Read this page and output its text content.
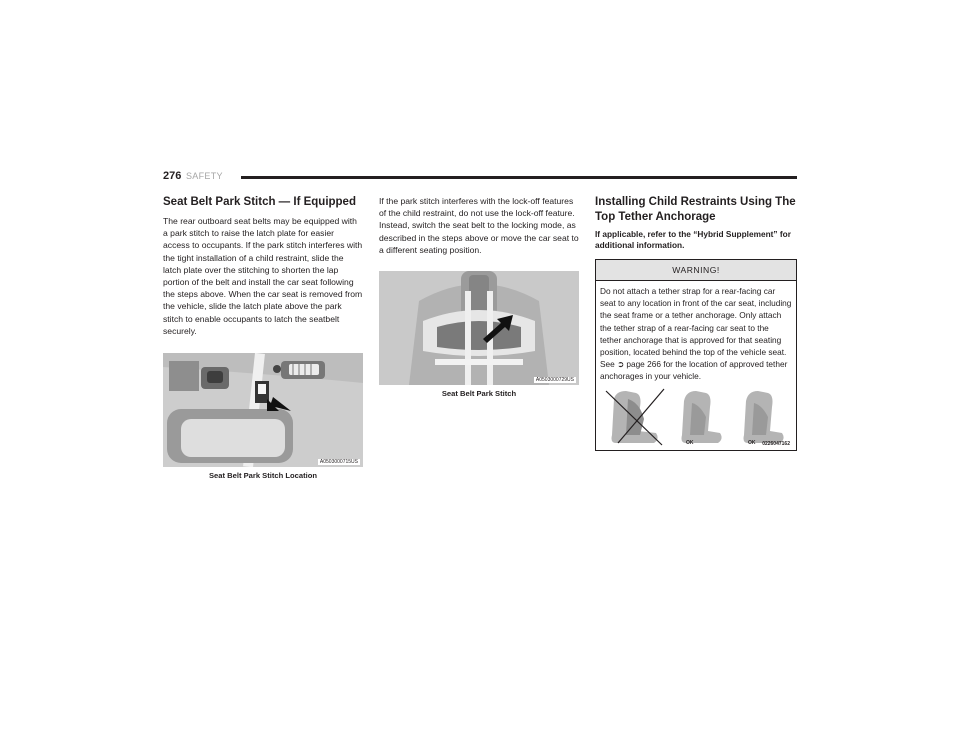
276 SAFETY
Seat Belt Park Stitch — If Equipped

The rear outboard seat belts may be equipped with a park stitch to raise the latch plate for easier access to occupants. If the park stitch interferes with the tight installation of a child restraint, slide the latch plate over the stitching to shorten the lap portion of the belt and install the car seat following the steps above. When the car seat is removed from the vehicle, slide the latch plate above the park stitch to enable occupants to latch the seatbelt securely.

A0503000715US
Seat Belt Park Stitch Location

If the park stitch interferes with the lock-off features of the child restraint, do not use the lock-off feature. Instead, switch the seat belt to the locking mode, as described in the steps above or move the car seat to a different seating position.

A0503000729US
Seat Belt Park Stitch
Installing Child Restraints Using The Top Tether Anchorage

If applicable, refer to the “Hybrid Supplement” for additional information.

WARNING!
Do not attach a tether strap for a rear-facing car seat to any location in front of the car seat, including the seat frame or a tether anchorage. Only attach the tether strap of a rear-facing car seat to the tether anchorage that is approved for that seating position, located behind the top of the vehicle seat. See ➲ page 266 for the location of approved tether anchorages in your vehicle.
OK	OK 0226047162
